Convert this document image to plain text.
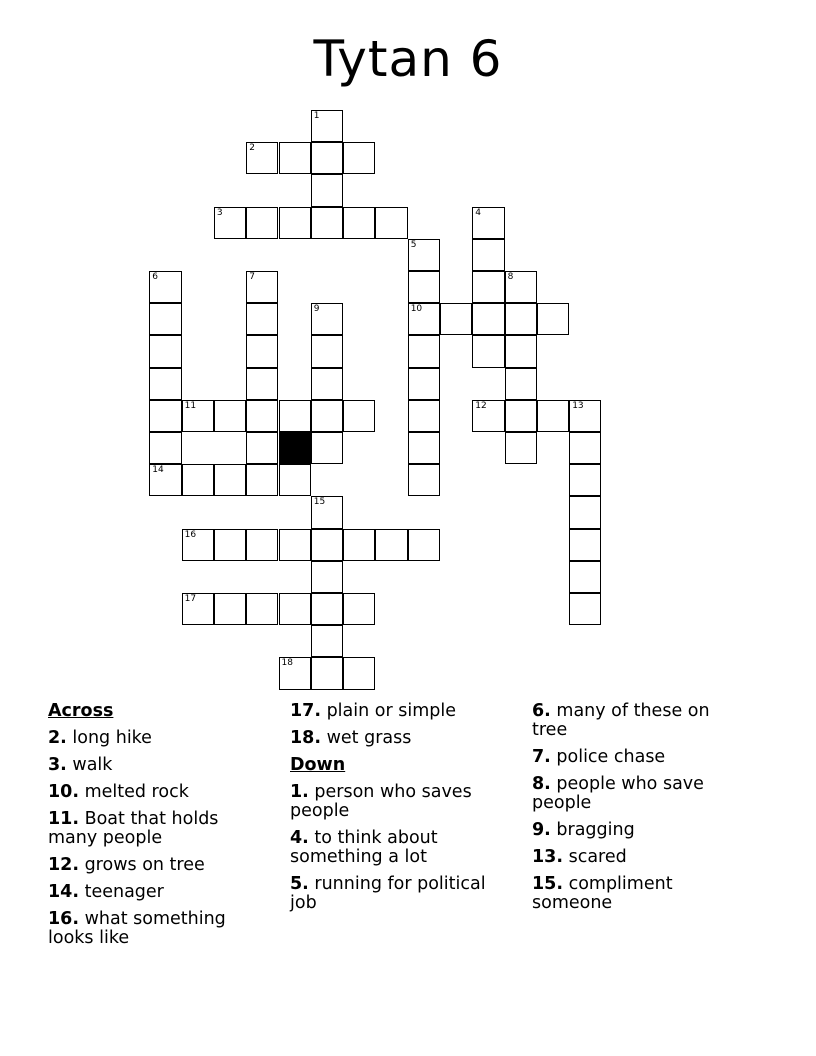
Tytan 6
1
2
3	4
5
6	7	8
9	10
11	12	13
14
15
16
17
18
Across
2. long hike
3. walk
10. melted rock
11. Boat that holds many people
12. grows on tree
14. teenager
16. what something looks like
17. plain or simple
18. wet grass
Down
1. person who saves people
4. to think about something a lot
5. running for political job
6. many of these on tree
7. police chase
8. people who save people
9. bragging
13. scared
15. compliment someone
